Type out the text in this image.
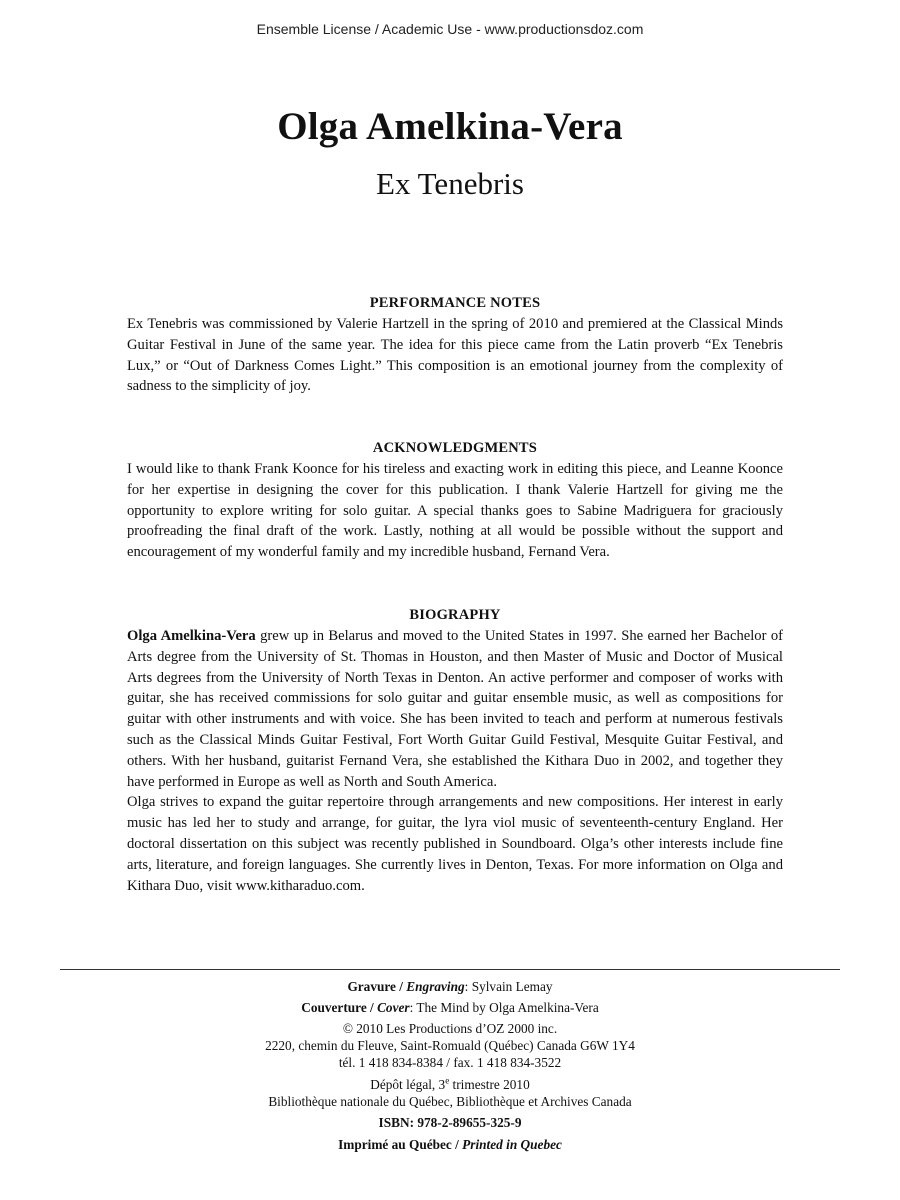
Ensemble License / Academic Use - www.productionsdoz.com
Olga Amelkina-Vera
Ex Tenebris
PERFORMANCE NOTES

Ex Tenebris was commissioned by Valerie Hartzell in the spring of 2010 and premiered at the Classical Minds Guitar Festival in June of the same year. The idea for this piece came from the Latin proverb “Ex Tenebris Lux,” or “Out of Darkness Comes Light.” This composition is an emotional journey from the complexity of sadness to the simplicity of joy.

ACKNOWLEDGMENTS

I would like to thank Frank Koonce for his tireless and exacting work in editing this piece, and Leanne Koonce for her expertise in designing the cover for this publication. I thank Valerie Hartzell for giving me the opportunity to explore writing for solo guitar. A special thanks goes to Sabine Madriguera for graciously proofreading the final draft of the work. Lastly, nothing at all would be possible without the support and encouragement of my wonderful family and my incredible husband, Fernand Vera.

BIOGRAPHY

Olga Amelkina-Vera grew up in Belarus and moved to the United States in 1997. She earned her Bachelor of Arts degree from the University of St. Thomas in Houston, and then Master of Music and Doctor of Musical Arts degrees from the University of North Texas in Denton. An active performer and composer of works with guitar, she has received commissions for solo guitar and guitar ensemble music, as well as compositions for guitar with other instruments and with voice. She has been invited to teach and perform at numerous festivals such as the Classical Minds Guitar Festival, Fort Worth Guitar Guild Festival, Mesquite Guitar Festival, and others. With her husband, guitarist Fernand Vera, she established the Kithara Duo in 2002, and together they have performed in Europe as well as North and South America.

Olga strives to expand the guitar repertoire through arrangements and new compositions. Her interest in early music has led her to study and arrange, for guitar, the lyra viol music of seventeenth-century England. Her doctoral dissertation on this subject was recently published in Soundboard. Olga’s other interests include fine arts, literature, and foreign languages. She currently lives in Denton, Texas. For more information on Olga and Kithara Duo, visit www.kitharaduo.com.

Gravure / Engraving: Sylvain Lemay
Couverture / Cover: The Mind by Olga Amelkina-Vera
© 2010 Les Productions d’OZ 2000 inc.
2220, chemin du Fleuve, Saint-Romuald (Québec) Canada G6W 1Y4
tél. 1 418 834-8384 / fax. 1 418 834-3522
Dépôt légal, 3e trimestre 2010
Bibliothèque nationale du Québec, Bibliothèque et Archives Canada
ISBN: 978-2-89655-325-9
Imprimé au Québec / Printed in Quebec
